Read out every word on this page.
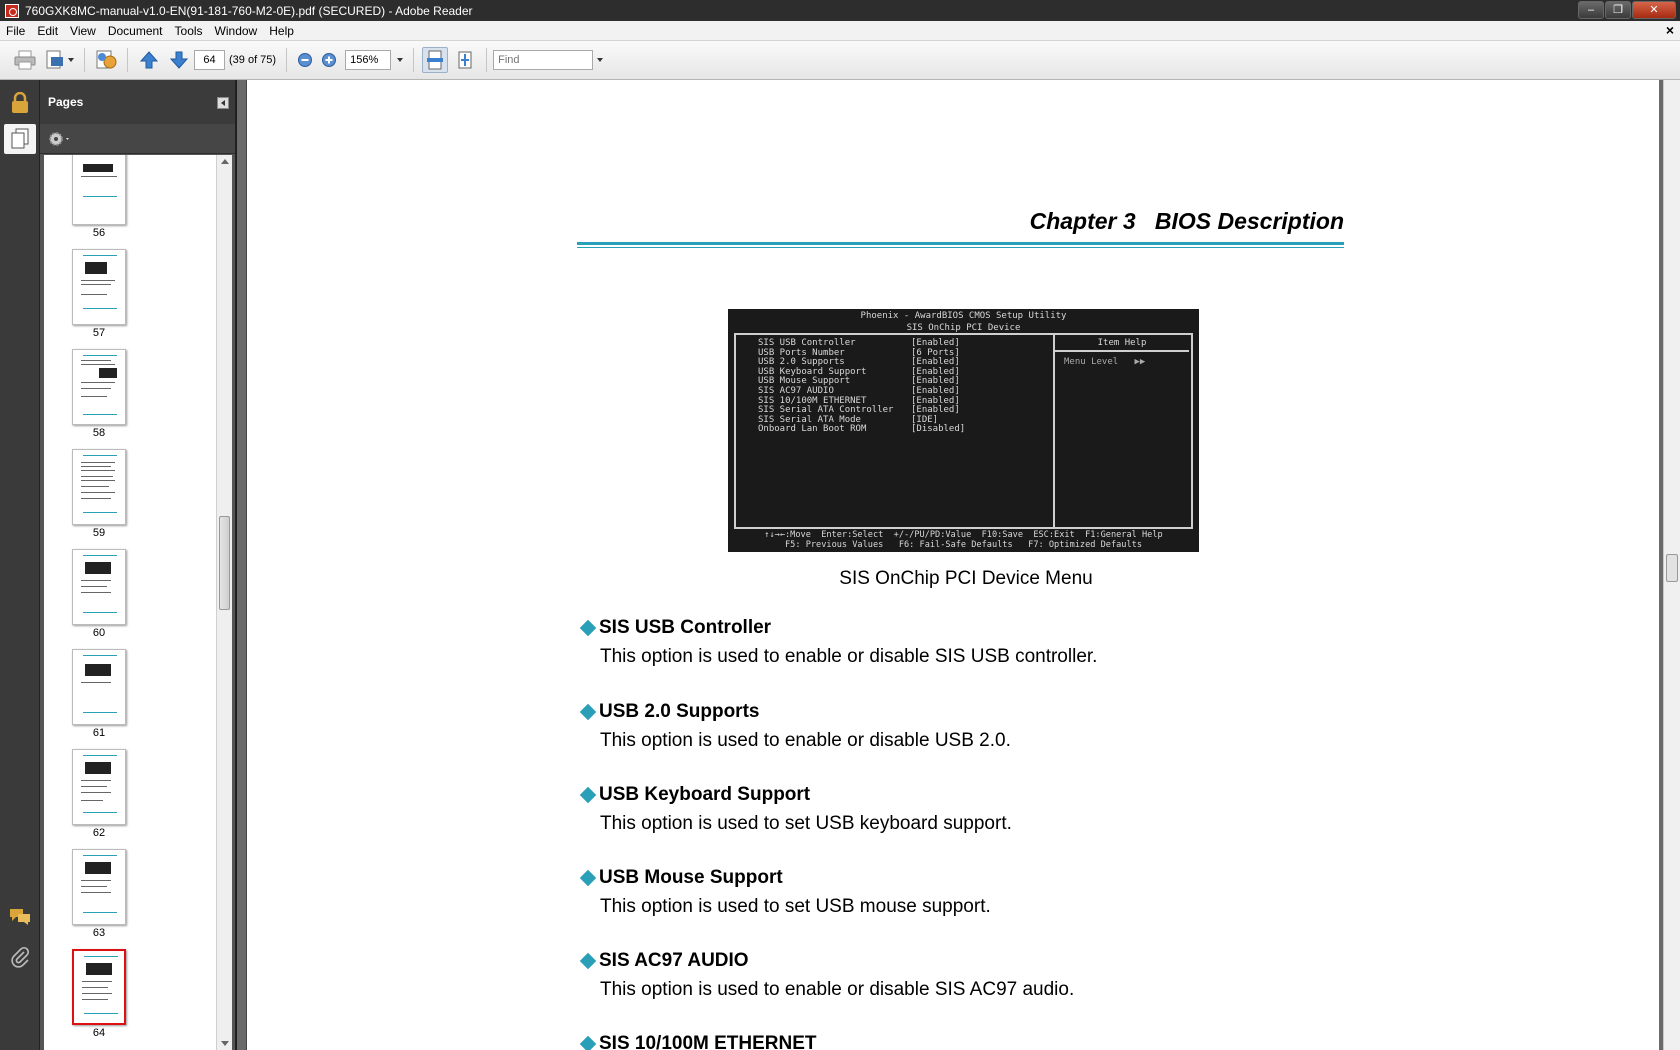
760GXK8MC-manual-v1.0-EN(91-181-760-M2-0E).pdf (SECURED) - Adobe Reader	–	❐	✕
File	Edit	View	Document	Tools	Window	Help	×
64
(39 of 75)
156%
Find
Pages
56
57
58
59
60
61
62
63
64
Chapter 3   BIOS Description
Phoenix - AwardBIOS CMOS Setup Utility
SIS OnChip PCI Device
SIS USB Controller	[Enabled]
USB Ports Number	[6 Ports]
USB 2.0 Supports	[Enabled]
USB Keyboard Support	[Enabled]
USB Mouse Support	[Enabled]
SIS AC97 AUDIO	[Enabled]
SIS 10/100M ETHERNET	[Enabled]
SIS Serial ATA Controller [Enabled]
SIS Serial ATA Mode	[IDE]
Onboard Lan Boot ROM	[Disabled]
Item Help
Menu Level   ▶▶
↑↓→←:Move  Enter:Select  +/-/PU/PD:Value  F10:Save  ESC:Exit  F1:General Help
F5: Previous Values   F6: Fail-Safe Defaults   F7: Optimized Defaults
SIS OnChip PCI Device Menu
SIS USB Controller
This option is used to enable or disable SIS USB controller.
USB 2.0 Supports
This option is used to enable or disable USB 2.0.
USB Keyboard Support
This option is used to set USB keyboard support.
USB Mouse Support
This option is used to set USB mouse support.
SIS AC97 AUDIO
This option is used to enable or disable SIS AC97 audio.
SIS 10/100M ETHERNET
